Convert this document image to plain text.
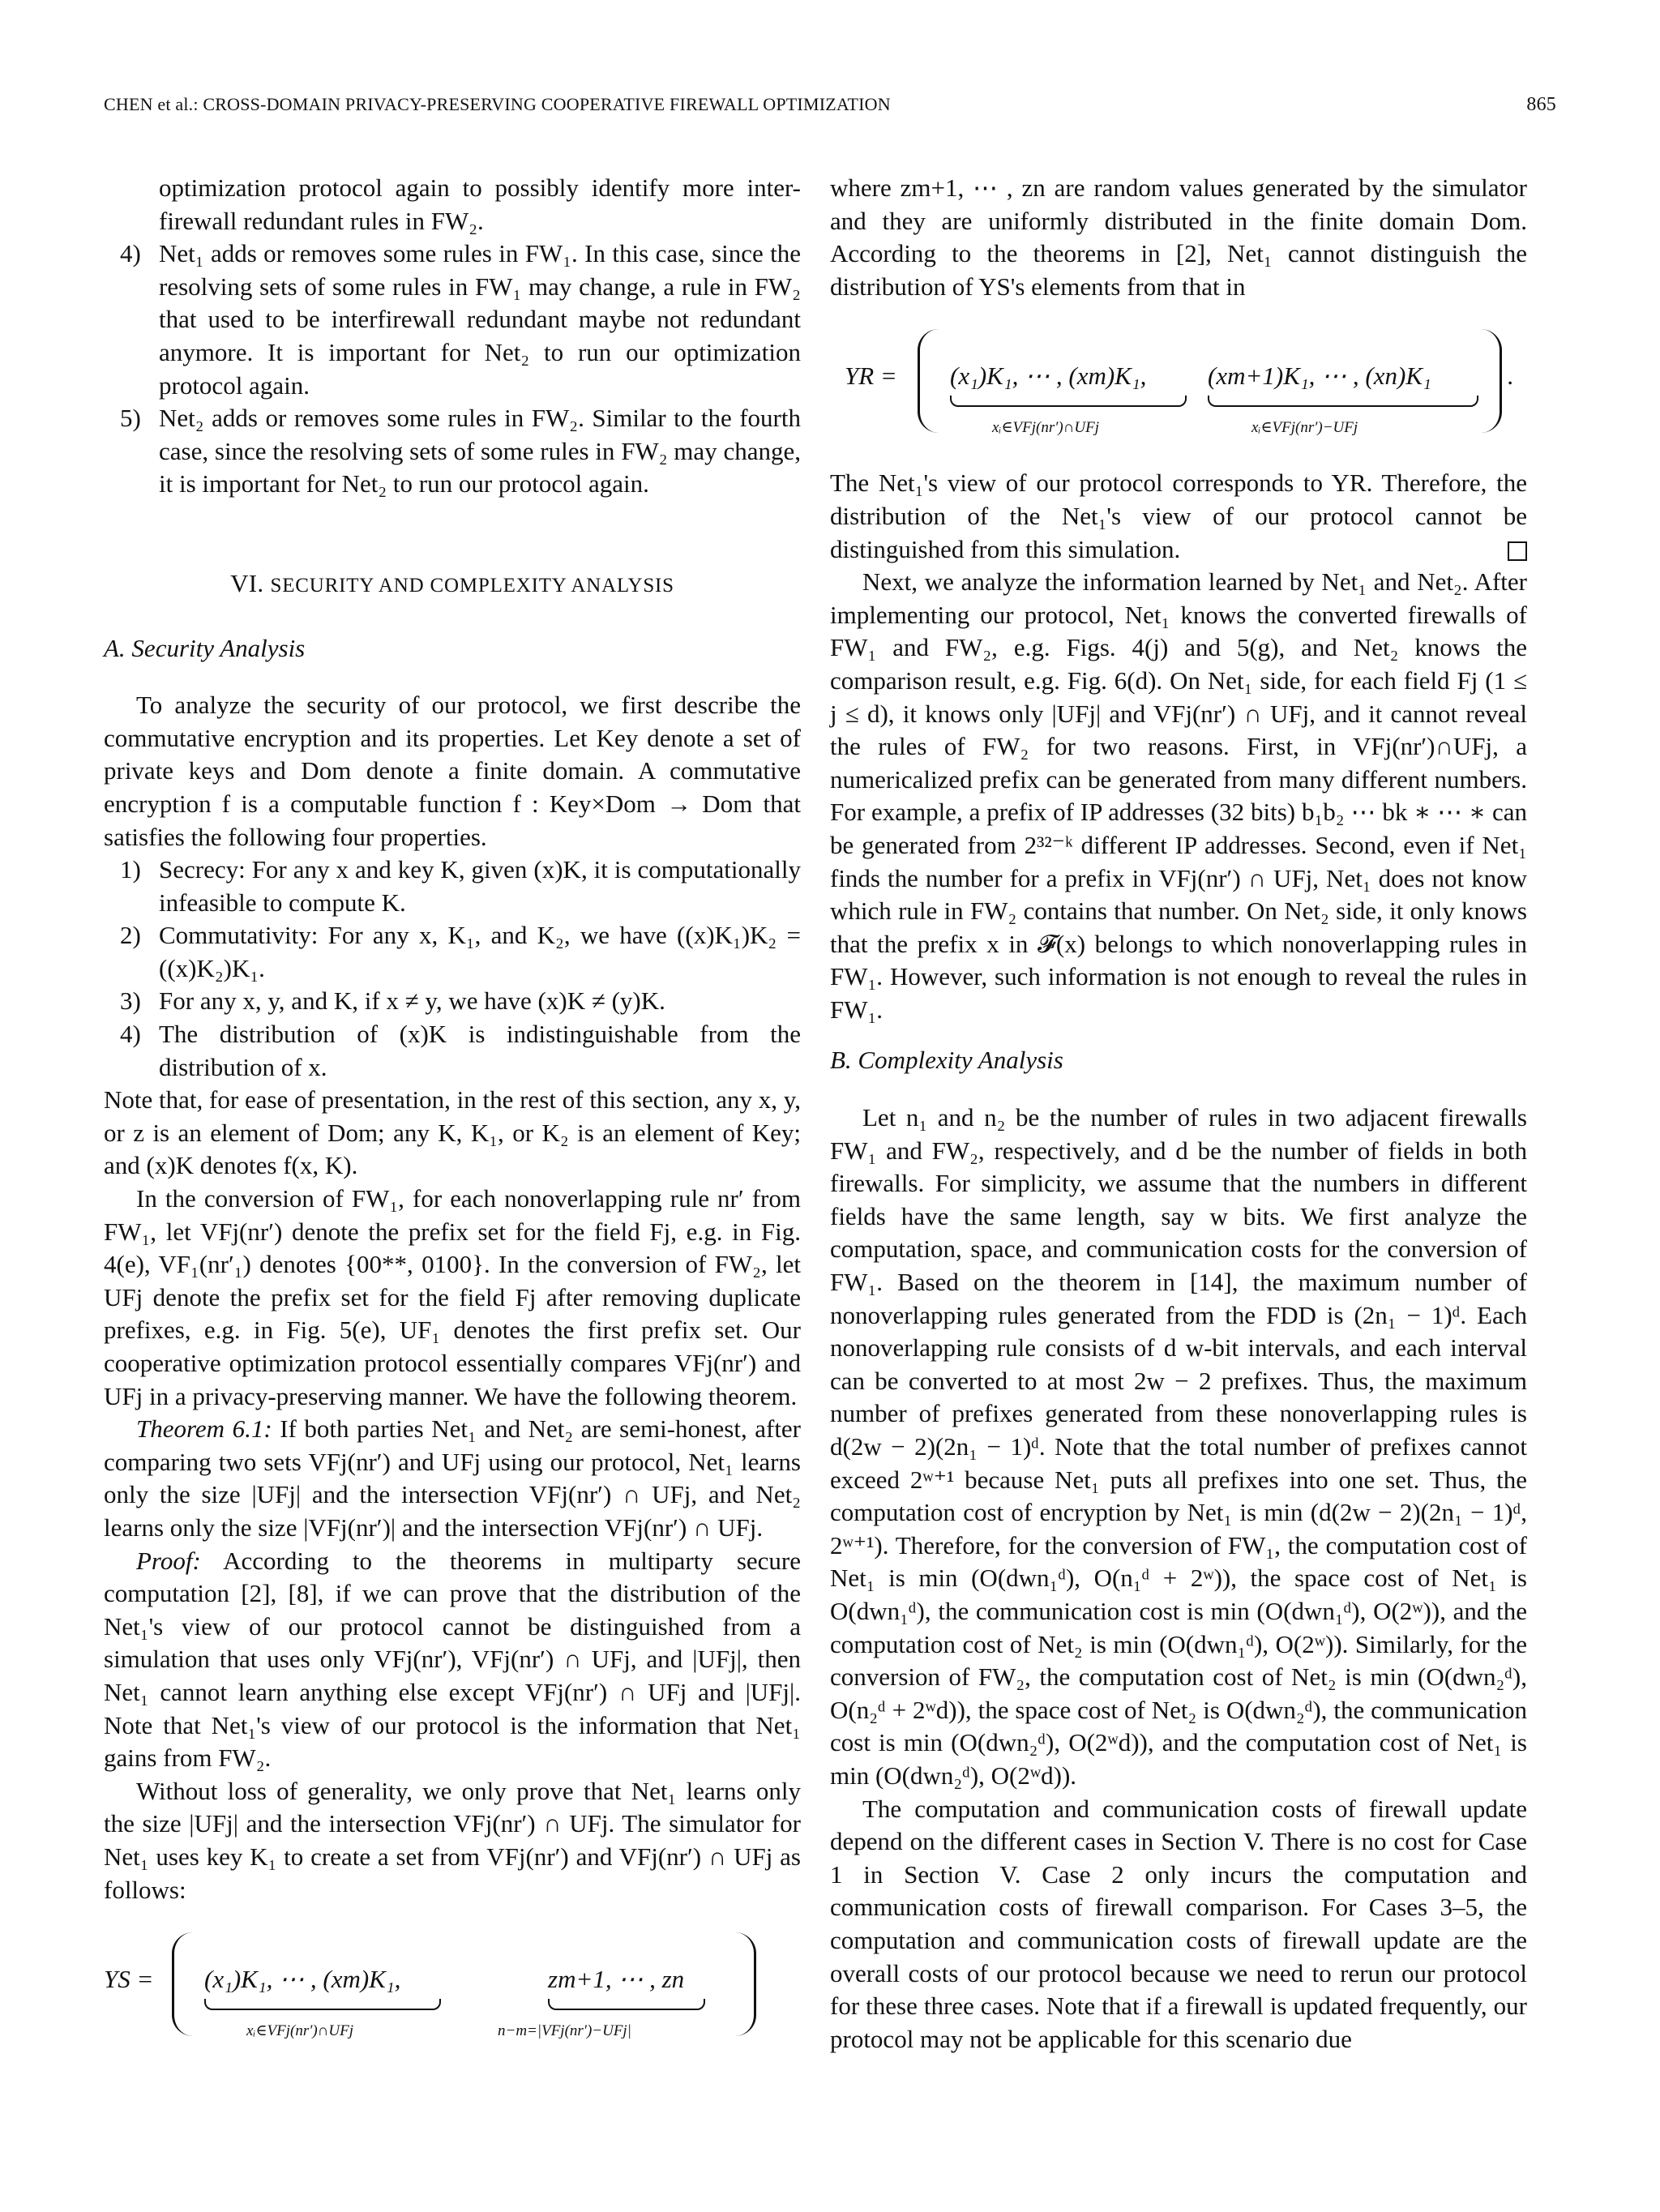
CHEN et al.: CROSS-DOMAIN PRIVACY-PRESERVING COOPERATIVE FIREWALL OPTIMIZATION	865

optimization protocol again to possibly identify more inter-firewall redundant rules in FW₂.

4) Net₁ adds or removes some rules in FW₁. In this case, since the resolving sets of some rules in FW₁ may change, a rule in FW₂ that used to be interfirewall redundant maybe not redundant anymore. It is important for Net₂ to run our optimization protocol again.

5) Net₂ adds or removes some rules in FW₂. Similar to the fourth case, since the resolving sets of some rules in FW₂ may change, it is important for Net₂ to run our protocol again.

VI. SECURITY AND COMPLEXITY ANALYSIS
A. Security Analysis

To analyze the security of our protocol, we first describe the commutative encryption and its properties. Let Key denote a set of private keys and Dom denote a finite domain. A commutative encryption f is a computable function f : Key×Dom → Dom that satisfies the following four properties.

1) Secrecy: For any x and key K, given (x)K, it is computationally infeasible to compute K.

2) Commutativity: For any x, K₁, and K₂, we have ((x)K₁)K₂ = ((x)K₂)K₁.

3) For any x, y, and K, if x ≠ y, we have (x)K ≠ (y)K.

4) The distribution of (x)K is indistinguishable from the distribution of x.

Note that, for ease of presentation, in the rest of this section, any x, y, or z is an element of Dom; any K, K₁, or K₂ is an element of Key; and (x)K denotes f(x, K).

In the conversion of FW₁, for each nonoverlapping rule nr′ from FW₁, let VFj(nr′) denote the prefix set for the field Fj, e.g. in Fig. 4(e), VF₁(nr′₁) denotes {00**, 0100}. In the conversion of FW₂, let UFj denote the prefix set for the field Fj after removing duplicate prefixes, e.g. in Fig. 5(e), UF₁ denotes the first prefix set. Our cooperative optimization protocol essentially compares VFj(nr′) and UFj in a privacy-preserving manner. We have the following theorem.

Theorem 6.1: If both parties Net₁ and Net₂ are semi-honest, after comparing two sets VFj(nr′) and UFj using our protocol, Net₁ learns only the size |UFj| and the intersection VFj(nr′) ∩ UFj, and Net₂ learns only the size |VFj(nr′)| and the intersection VFj(nr′) ∩ UFj.

Proof: According to the theorems in multiparty secure computation [2], [8], if we can prove that the distribution of the Net₁'s view of our protocol cannot be distinguished from a simulation that uses only VFj(nr′), VFj(nr′) ∩ UFj, and |UFj|, then Net₁ cannot learn anything else except VFj(nr′) ∩ UFj and |UFj|. Note that Net₁'s view of our protocol is the information that Net₁ gains from FW₂.

Without loss of generality, we only prove that Net₁ learns only the size |UFj| and the intersection VFj(nr′) ∩ UFj. The simulator for Net₁ uses key K₁ to create a set from VFj(nr′) and VFj(nr′) ∩ UFj as follows:

YS = (x₁)K₁, ⋯ , (xm)K₁,
xᵢ∈VFj(nr′)∩UFj
zm+1, ⋯ , zn
n−m=|VFj(nr′)−UFj|

where zm+1, ⋯ , zn are random values generated by the simulator and they are uniformly distributed in the finite domain Dom. According to the theorems in [2], Net₁ cannot distinguish the distribution of YS's elements from that in

YR = (x₁)K₁, ⋯ , (xm)K₁,
xᵢ∈VFj(nr′)∩UFj
(xm+1)K₁, ⋯ , (xn)K₁
xᵢ∈VFj(nr′)−UFj
.

The Net₁'s view of our protocol corresponds to YR. Therefore, the distribution of the Net₁'s view of our protocol cannot be distinguished from this simulation.

Next, we analyze the information learned by Net₁ and Net₂. After implementing our protocol, Net₁ knows the converted firewalls of FW₁ and FW₂, e.g. Figs. 4(j) and 5(g), and Net₂ knows the comparison result, e.g. Fig. 6(d). On Net₁ side, for each field Fj (1 ≤ j ≤ d), it knows only |UFj| and VFj(nr′) ∩ UFj, and it cannot reveal the rules of FW₂ for two reasons. First, in VFj(nr′)∩UFj, a numericalized prefix can be generated from many different numbers. For example, a prefix of IP addresses (32 bits) b₁b₂ ⋯ bk ∗ ⋯ ∗ can be generated from 2³²⁻ᵏ different IP addresses. Second, even if Net₁ finds the number for a prefix in VFj(nr′) ∩ UFj, Net₁ does not know which rule in FW₂ contains that number. On Net₂ side, it only knows that the prefix x in 𝓕(x) belongs to which nonoverlapping rules in FW₁. However, such information is not enough to reveal the rules in FW₁.

B. Complexity Analysis

Let n₁ and n₂ be the number of rules in two adjacent firewalls FW₁ and FW₂, respectively, and d be the number of fields in both firewalls. For simplicity, we assume that the numbers in different fields have the same length, say w bits. We first analyze the computation, space, and communication costs for the conversion of FW₁. Based on the theorem in [14], the maximum number of nonoverlapping rules generated from the FDD is (2n₁ − 1)ᵈ. Each nonoverlapping rule consists of d w-bit intervals, and each interval can be converted to at most 2w − 2 prefixes. Thus, the maximum number of prefixes generated from these nonoverlapping rules is d(2w − 2)(2n₁ − 1)ᵈ. Note that the total number of prefixes cannot exceed 2ʷ⁺¹ because Net₁ puts all prefixes into one set. Thus, the computation cost of encryption by Net₁ is min (d(2w − 2)(2n₁ − 1)ᵈ, 2ʷ⁺¹). Therefore, for the conversion of FW₁, the computation cost of Net₁ is min (O(dwn₁ᵈ), O(n₁ᵈ + 2ʷ)), the space cost of Net₁ is O(dwn₁ᵈ), the communication cost is min (O(dwn₁ᵈ), O(2ʷ)), and the computation cost of Net₂ is min (O(dwn₁ᵈ), O(2ʷ)). Similarly, for the conversion of FW₂, the computation cost of Net₂ is min (O(dwn₂ᵈ), O(n₂ᵈ + 2ʷd)), the space cost of Net₂ is O(dwn₂ᵈ), the communication cost is min (O(dwn₂ᵈ), O(2ʷd)), and the computation cost of Net₁ is min (O(dwn₂ᵈ), O(2ʷd)).

The computation and communication costs of firewall update depend on the different cases in Section V. There is no cost for Case 1 in Section V. Case 2 only incurs the computation and communication costs of firewall comparison. For Cases 3–5, the computation and communication costs of firewall update are the overall costs of our protocol because we need to rerun our protocol for these three cases. Note that if a firewall is updated frequently, our protocol may not be applicable for this scenario due
